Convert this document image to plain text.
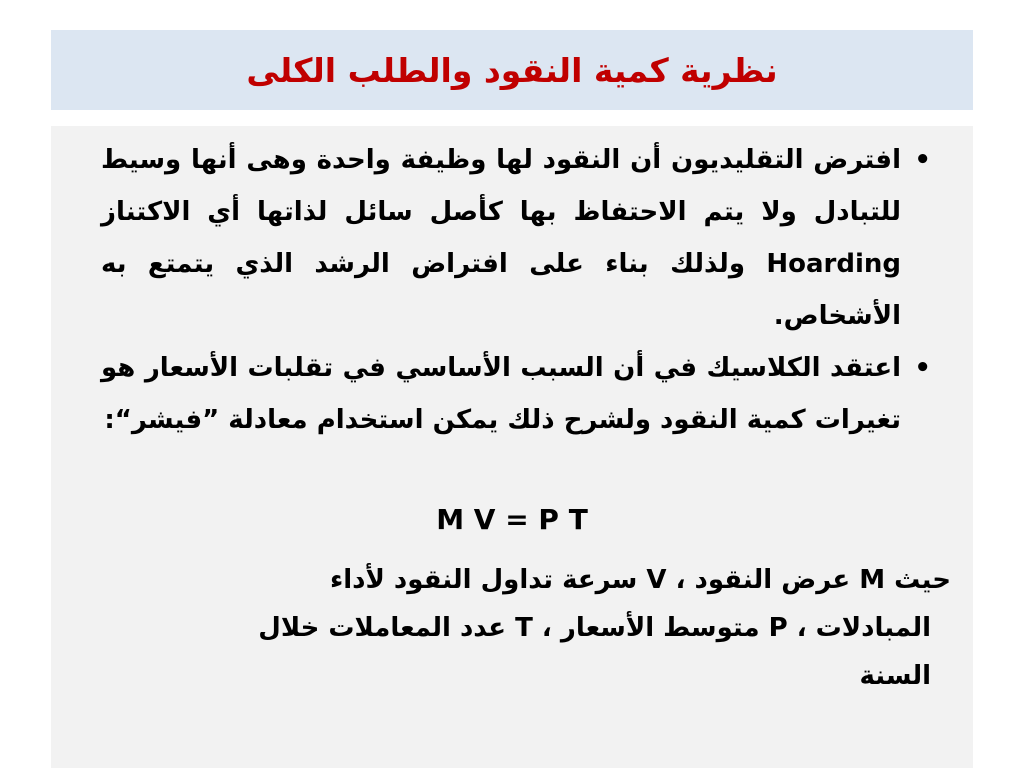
نظرية كمية النقود والطلب الكلى
•
افترض التقليديون أن النقود لها وظيفة واحدة وهى أنها وسيط للتبادل ولا يتم الاحتفاظ بها كأصل سائل لذاتها أي الاكتناز Hoarding ولذلك بناء على افتراض الرشد الذي يتمتع به الأشخاص.
•
اعتقد الكلاسيك في أن السبب الأساسي في تقلبات الأسعار هو تغيرات كمية النقود ولشرح ذلك يمكن استخدام معادلة ”فيشر“:
M V = P T
حيث M عرض النقود ، V سرعة تداول النقود لأداء
المبادلات ، P متوسط الأسعار ، T عدد المعاملات خلال
السنة
